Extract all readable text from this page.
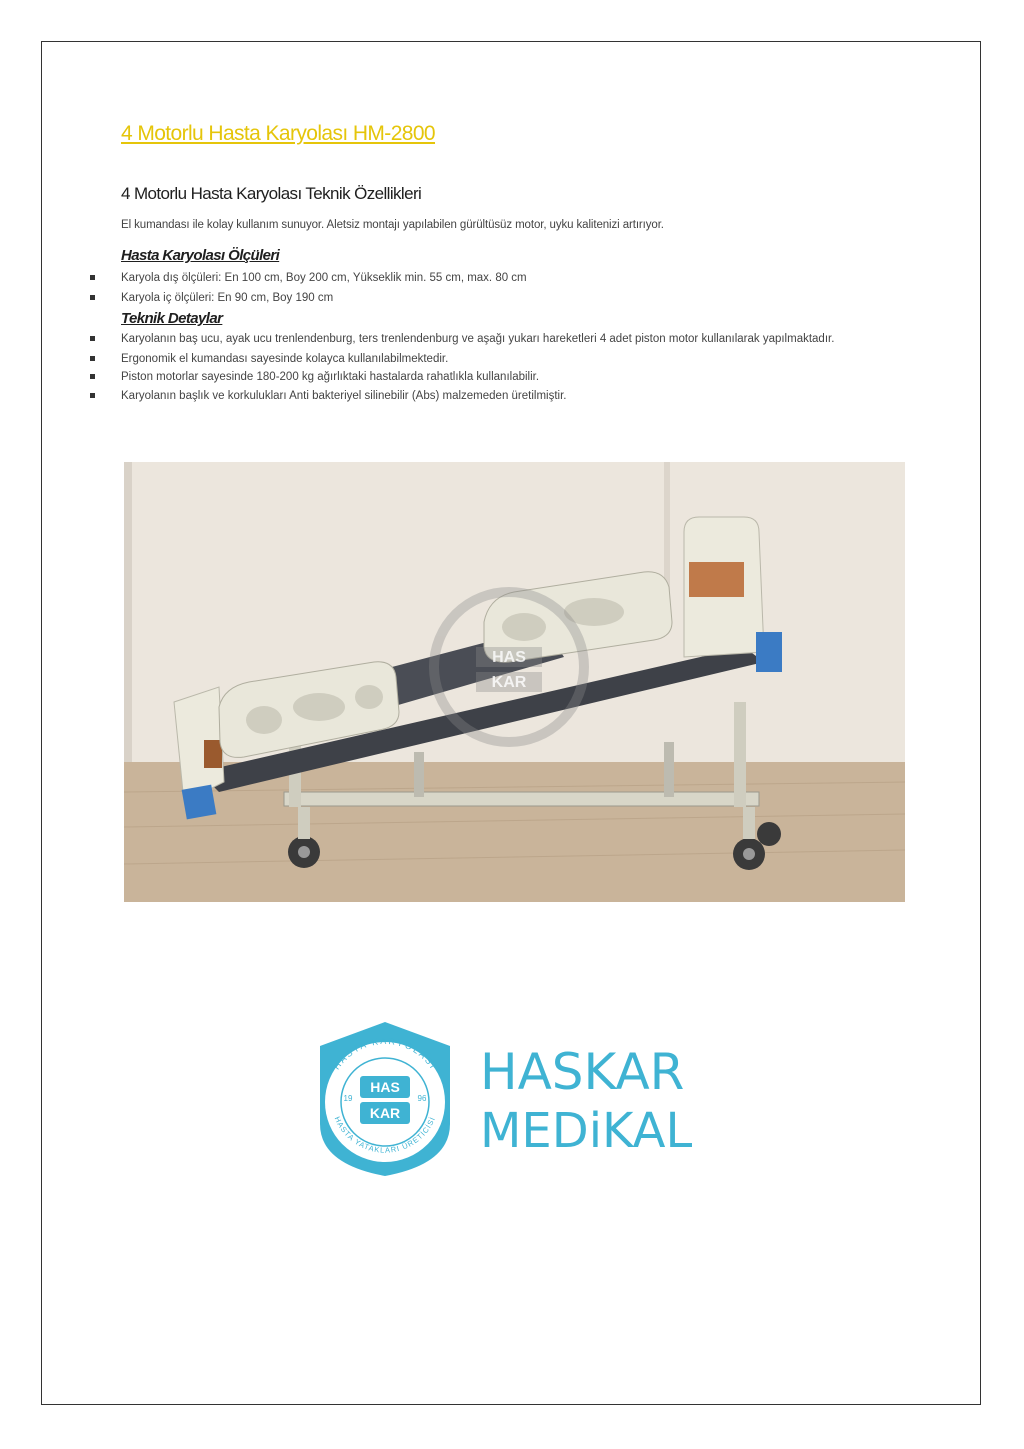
4 Motorlu Hasta Karyolası HM-2800
4 Motorlu Hasta Karyolası Teknik Özellikleri
El kumandası ile kolay kullanım sunuyor. Aletsiz montajı yapılabilen gürültüsüz motor, uyku kalitenizi artırıyor.
Hasta Karyolası Ölçüleri
Karyola dış ölçüleri: En 100 cm, Boy 200 cm, Yükseklik min. 55 cm, max. 80 cm
Karyola iç ölçüleri: En 90 cm, Boy 190 cm
Teknik Detaylar
Karyolanın baş ucu, ayak ucu trenlendenburg, ters trenlendenburg ve aşağı yukarı hareketleri 4 adet piston motor kullanılarak yapılmaktadır.
Ergonomik el kumandası sayesinde kolayca kullanılabilmektedir.
Piston motorlar sayesinde 180-200 kg ağırlıktaki hastalarda rahatlıkla kullanılabilir.
Karyolanın başlık ve korkulukları Anti bakteriyel silinebilir (Abs) malzemeden üretilmiştir.
HAS
KAR
HASTA KARYOLASI
HASTA YATAKLARI ÜRETİCİSİ
HAS
KAR
19	96 HASKAR
MEDiKAL
